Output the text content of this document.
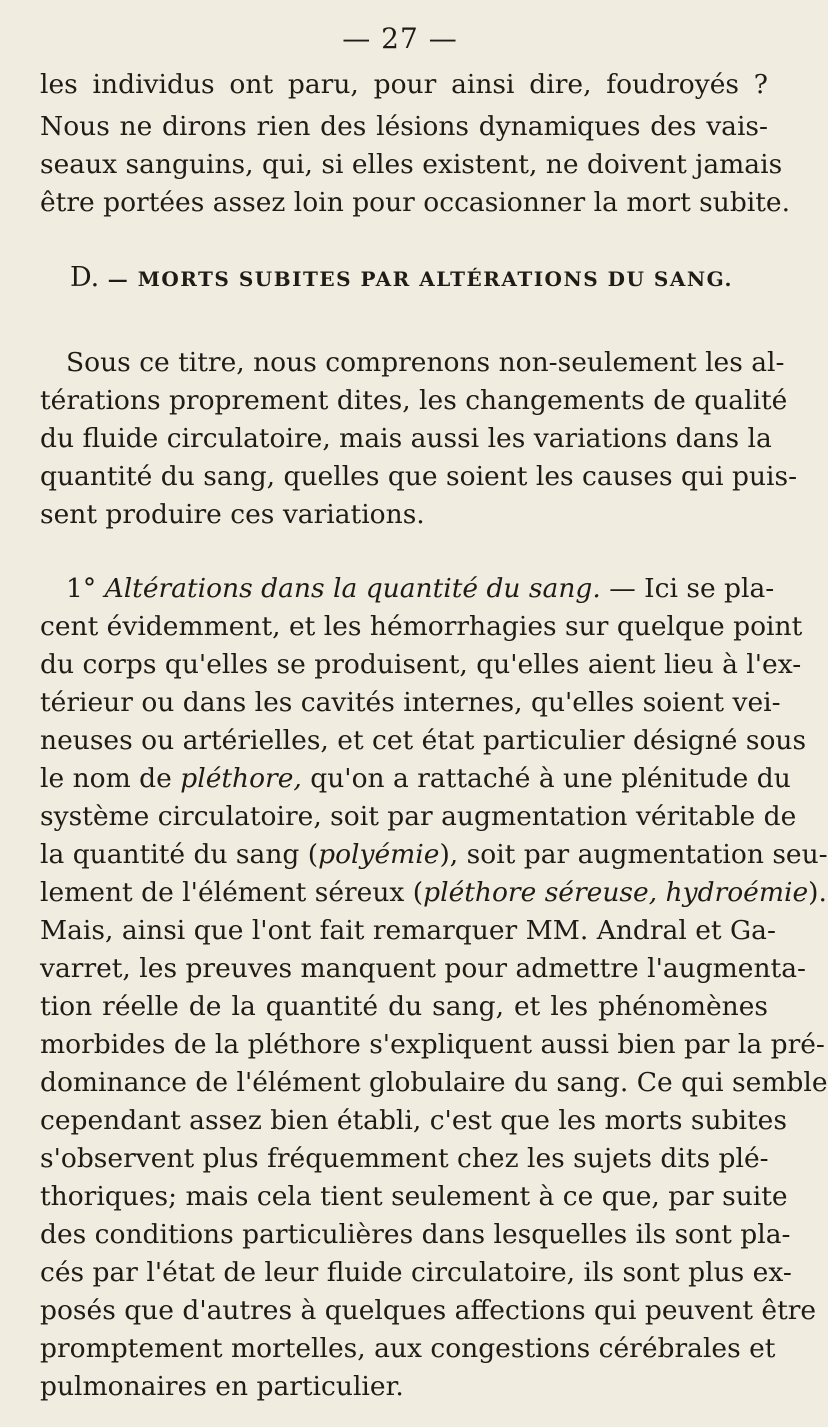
— 27 —
les individus ont paru, pour ainsi dire, foudroyés ?
Nous ne dirons rien des lésions dynamiques des vais-
seaux sanguins, qui, si elles existent, ne doivent jamais
être portées assez loin pour occasionner la mort subite.
D. — MORTS SUBITES PAR ALTÉRATIONS DU SANG.
Sous ce titre, nous comprenons non-seulement les al-
térations proprement dites, les changements de qualité
du fluide circulatoire, mais aussi les variations dans la
quantité du sang, quelles que soient les causes qui puis-
sent produire ces variations.
1° Altérations dans la quantité du sang. — Ici se pla-
cent évidemment, et les hémorrhagies sur quelque point
du corps qu'elles se produisent, qu'elles aient lieu à l'ex-
térieur ou dans les cavités internes, qu'elles soient vei-
neuses ou artérielles, et cet état particulier désigné sous
le nom de pléthore, qu'on a rattaché à une plénitude du
système circulatoire, soit par augmentation véritable de
la quantité du sang (polyémie), soit par augmentation seu-
lement de l'élément séreux (pléthore séreuse, hydroémie).
Mais, ainsi que l'ont fait remarquer MM. Andral et Ga-
varret, les preuves manquent pour admettre l'augmenta-
tion réelle de la quantité du sang, et les phénomènes
morbides de la pléthore s'expliquent aussi bien par la pré-
dominance de l'élément globulaire du sang. Ce qui semble
cependant assez bien établi, c'est que les morts subites
s'observent plus fréquemment chez les sujets dits plé-
thoriques; mais cela tient seulement à ce que, par suite
des conditions particulières dans lesquelles ils sont pla-
cés par l'état de leur fluide circulatoire, ils sont plus ex-
posés que d'autres à quelques affections qui peuvent être
promptement mortelles, aux congestions cérébrales et
pulmonaires en particulier.
